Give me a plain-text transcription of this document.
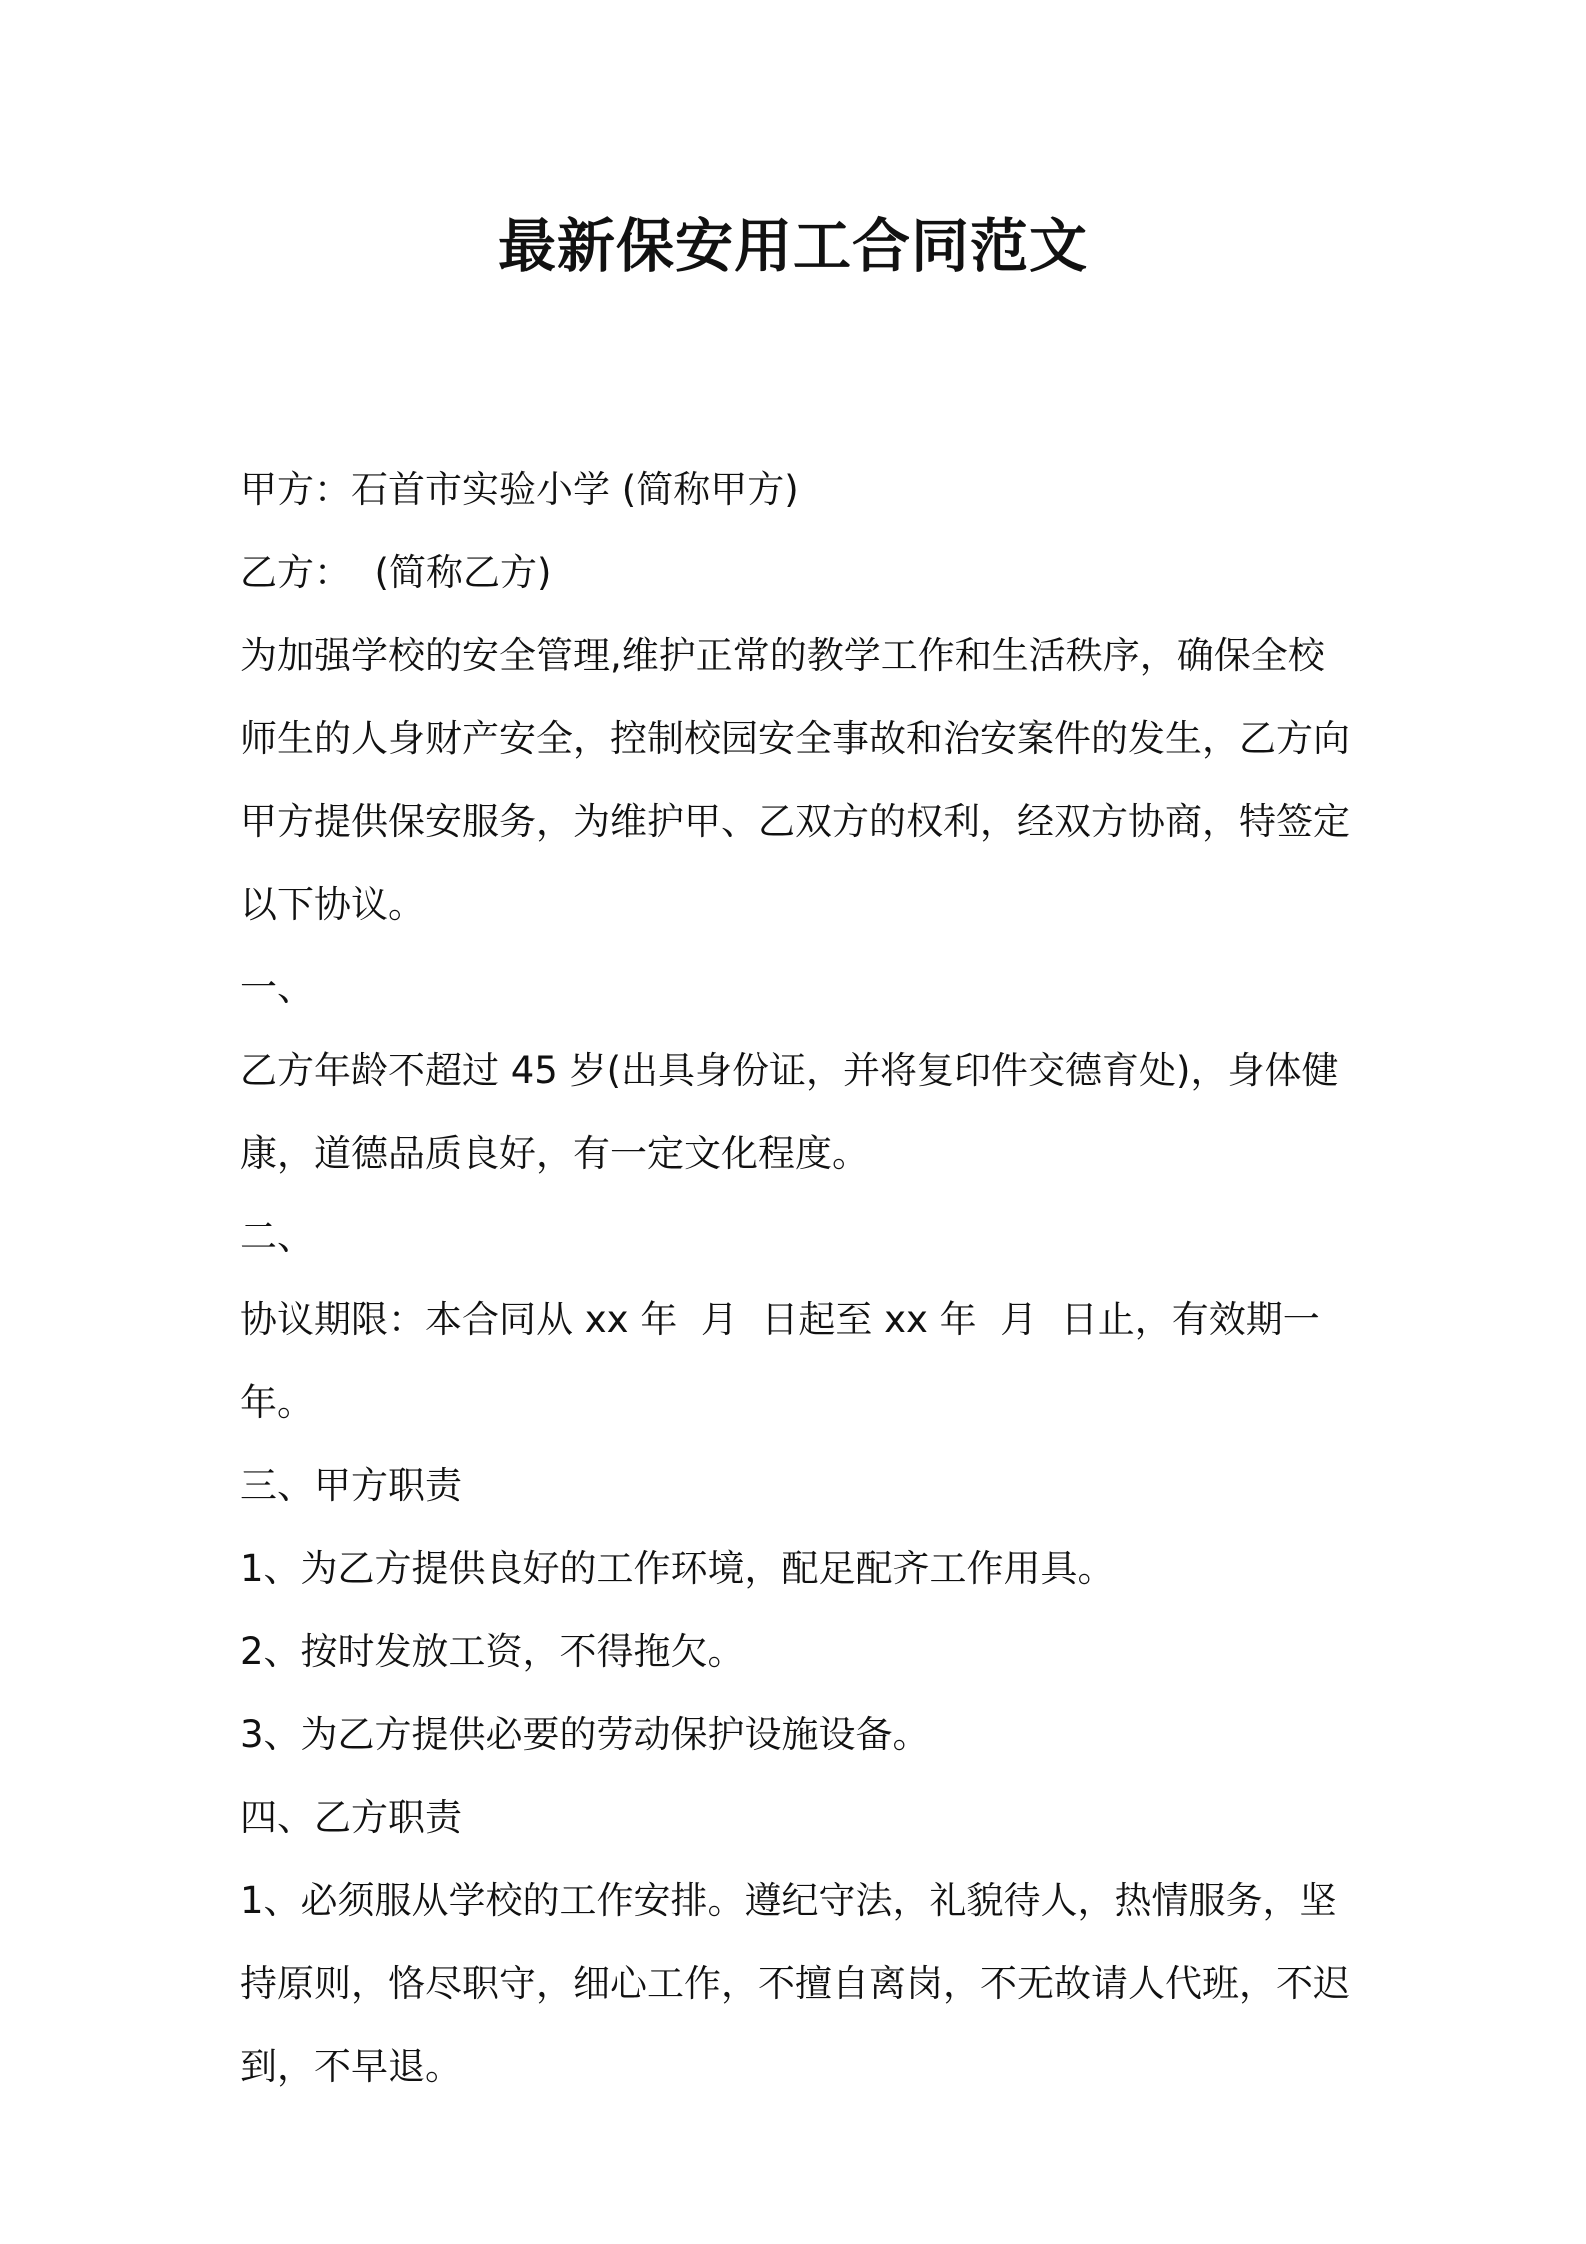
最新保安用工合同范文

甲方：石首市实验小学 (简称甲方)

乙方：  (简称乙方)

为加强学校的安全管理,维护正常的教学工作和生活秩序，确保全校

师生的人身财产安全，控制校园安全事故和治安案件的发生，乙方向

甲方提供保安服务，为维护甲、乙双方的权利，经双方协商，特签定

以下协议。

一、

乙方年龄不超过 45 岁(出具身份证，并将复印件交德育处)，身体健

康，道德品质良好，有一定文化程度。

二、

协议期限：本合同从 xx 年  月  日起至 xx 年  月  日止，有效期一年。

三、甲方职责

1、为乙方提供良好的工作环境，配足配齐工作用具。

2、按时发放工资，不得拖欠。

3、为乙方提供必要的劳动保护设施设备。

四、乙方职责

1、必须服从学校的工作安排。遵纪守法，礼貌待人，热情服务，坚

持原则，恪尽职守，细心工作，不擅自离岗，不无故请人代班，不迟

到，不早退。
